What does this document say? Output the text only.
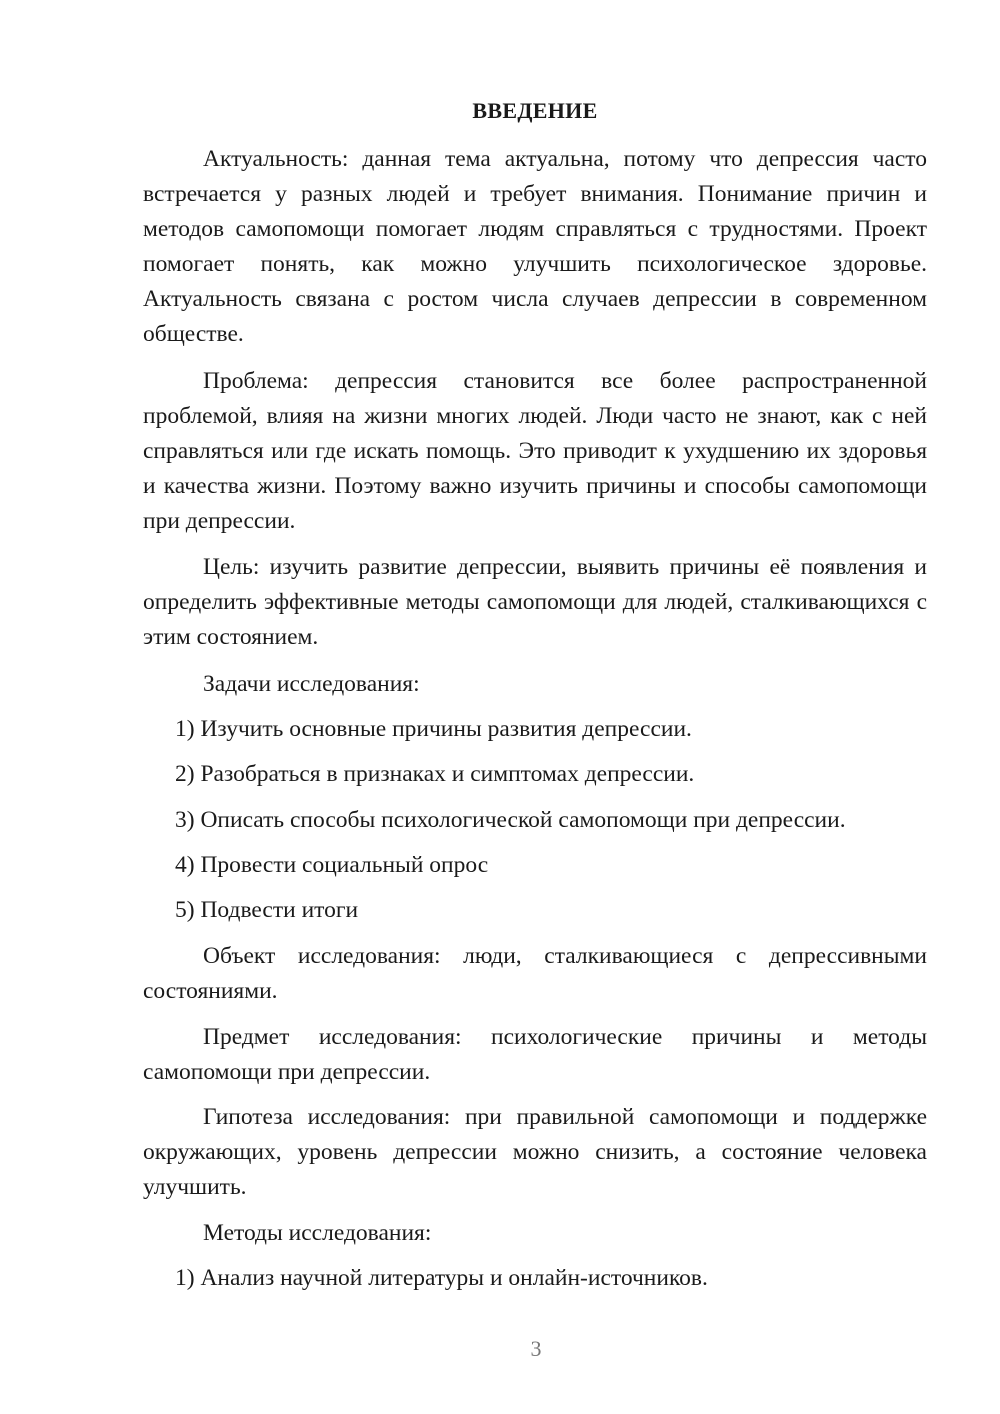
ВВЕДЕНИЕ

Актуальность: данная тема актуальна, потому что депрессия часто встречается у разных людей и требует внимания. Понимание причин и методов самопомощи помогает людям справляться с трудностями. Проект помогает понять, как можно улучшить психологическое здоровье. Актуальность связана с ростом числа случаев депрессии в современном обществе.

Проблема: депрессия становится все более распространенной проблемой, влияя на жизни многих людей. Люди часто не знают, как с ней справляться или где искать помощь. Это приводит к ухудшению их здоровья и качества жизни. Поэтому важно изучить причины и способы самопомощи при депрессии.

Цель: изучить развитие депрессии, выявить причины её появления и определить эффективные методы самопомощи для людей, сталкивающихся с этим состоянием.

Задачи исследования:

1) Изучить основные причины развития депрессии.

2) Разобраться в признаках и симптомах депрессии.

3) Описать способы психологической самопомощи при депрессии.

4) Провести социальный опрос

5) Подвести итоги

Объект исследования: люди, сталкивающиеся с депрессивными состояниями.

Предмет исследования: психологические причины и методы самопомощи при депрессии.

Гипотеза исследования: при правильной самопомощи и поддержке окружающих, уровень депрессии можно снизить, а состояние человека улучшить.

Методы исследования:

1) Анализ научной литературы и онлайн-источников.

3
